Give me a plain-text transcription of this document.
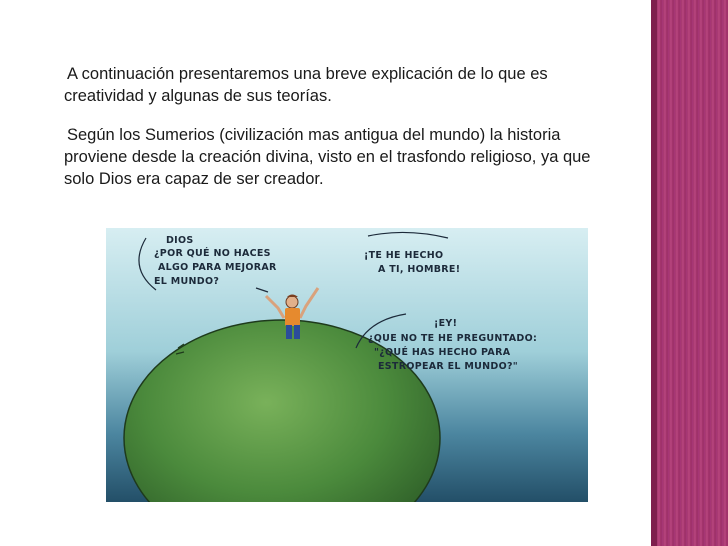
A continuación presentaremos una breve explicación de lo que es

creatividad y algunas de sus teorías.

Según los Sumerios (civilización mas antigua del mundo) la historia

proviene desde la creación divina, visto en el trasfondo religioso, ya que

solo Dios era capaz de ser creador.

DIOS
¿POR QUÉ NO HACES
ALGO PARA MEJORAR
EL MUNDO?
¡TE HE HECHO
A TI, HOMBRE!
¡EY!
¿QUE NO TE HE PREGUNTADO:
"¿QUÉ HAS HECHO PARA
ESTROPEAR EL MUNDO?"
